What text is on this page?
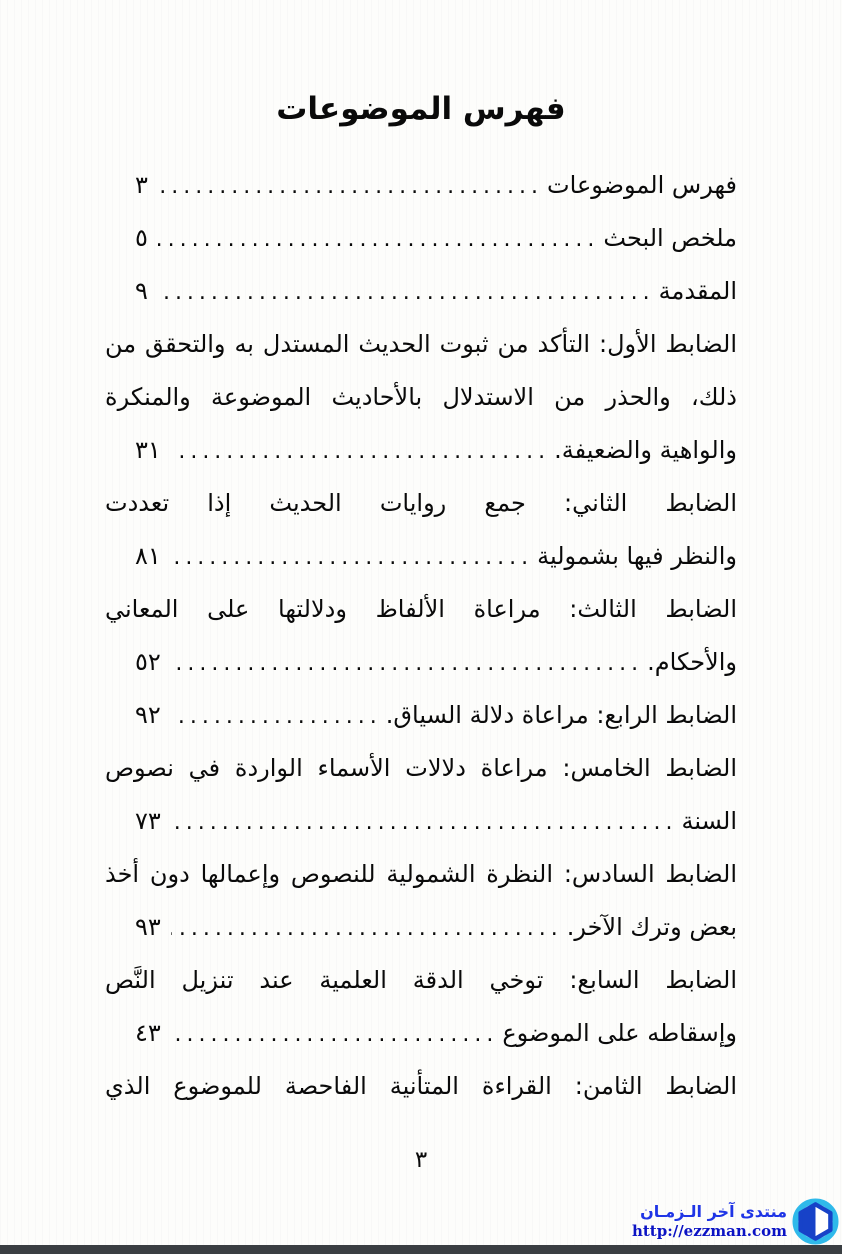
فهرس الموضوعات
فهرس الموضوعات
.....
٣
ملخص البحث
.....
٥
المقدمة
.....
٩
الضابط الأول: التأكد من ثبوت الحديث المستدل به والتحقق من
ذلك، والحذر من الاستدلال بالأحاديث الموضوعة والمنكرة
والواهية والضعيفة.
.....
٣١
الضابط الثاني: جمع روايات الحديث إذا تعددت
والنظر فيها بشمولية
.....
٨١
الضابط الثالث: مراعاة الألفاظ ودلالتها على المعاني
والأحكام.
.....
٥٢
الضابط الرابع: مراعاة دلالة السياق.
.....
٩٢
الضابط الخامس: مراعاة دلالات الأسماء الواردة في نصوص
السنة
.....
٧٣
الضابط السادس: النظرة الشمولية للنصوص وإعمالها دون أخذ
بعض وترك الآخر.
.....
٩٣
الضابط السابع: توخي الدقة العلمية عند تنزيل النَّص
وإسقاطه على الموضوع
.....
٤٣
الضابط الثامن: القراءة المتأنية الفاحصة للموضوع الذي
٣
منتدى آخر الـزمـان
http://ezzman.com
